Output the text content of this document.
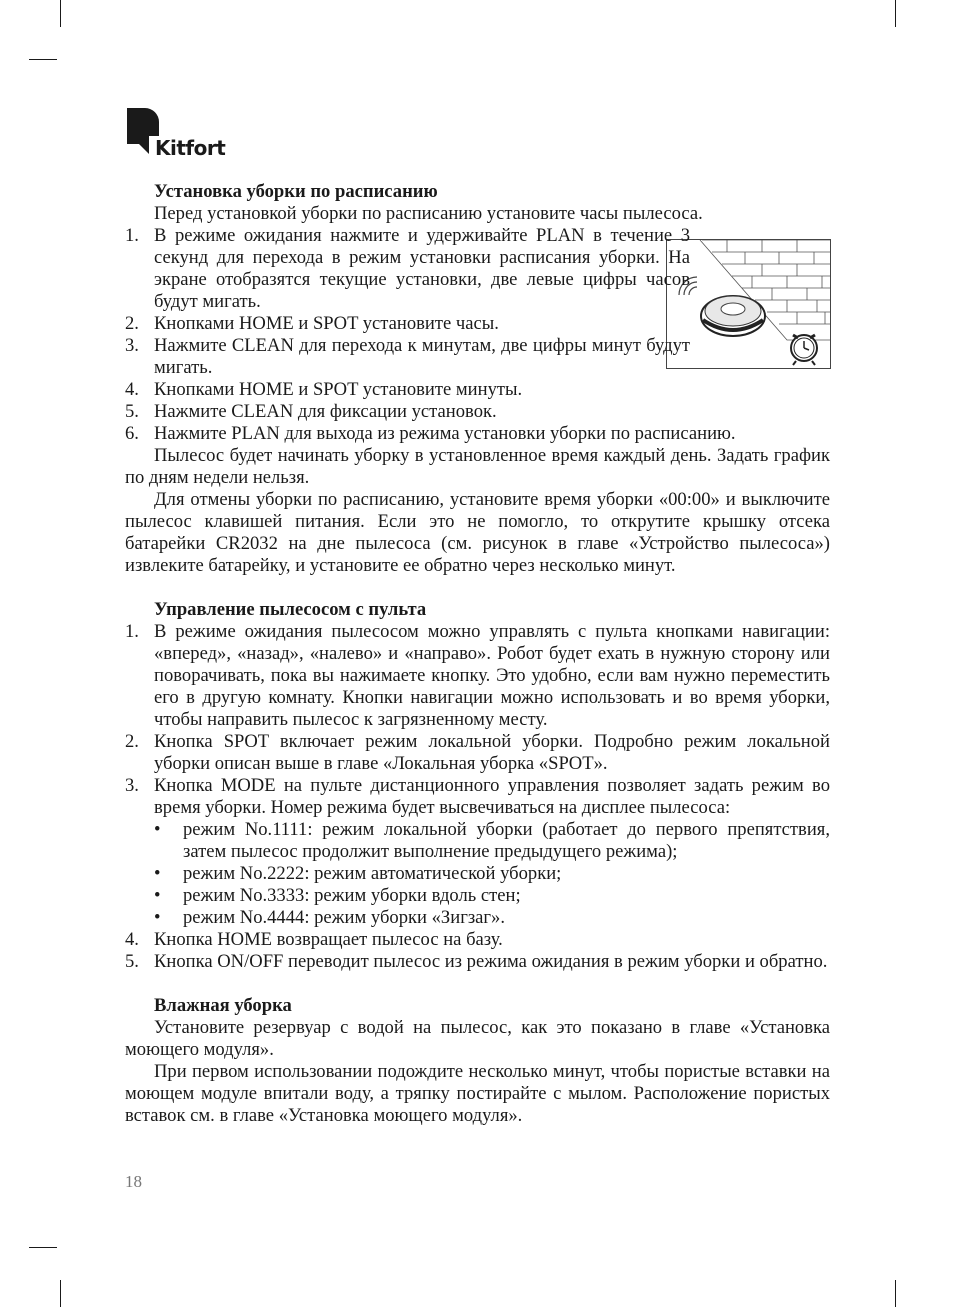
Kitfort
Установка уборки по расписанию
Перед установкой уборки по расписанию установите часы пылесоса.
1. В режиме ожидания нажмите и удерживайте PLAN в течение 3 секунд для перехода в режим установки расписания уборки. На экране отобразятся текущие установки, две левые цифры часов будут мигать.
2. Кнопками HOME и SPOT установите часы.
3. Нажмите CLEAN для перехода к минутам, две цифры минут будут мигать.
4. Кнопками HOME и SPOT установите минуты.
5. Нажмите CLEAN для фиксации установок.
6. Нажмите PLAN для выхода из режима установки уборки по расписанию.
Пылесос будет начинать уборку в установленное время каждый день. Задать график по дням недели нельзя.
Для отмены уборки по расписанию, установите время уборки «00:00» и выключите пылесос клавишей питания. Если это не помогло, то открутите крышку отсека батарейки CR2032 на дне пылесоса (см. рисунок в главе «Устройство пылесоса») извлеките батарейку, и установите ее обратно через несколько минут.
Управление пылесосом с пульта
1. В режиме ожидания пылесосом можно управлять с пульта кнопками навигации: «вперед», «назад», «налево» и «направо». Робот будет ехать в нужную сторону или поворачивать, пока вы нажимаете кнопку. Это удобно, если вам нужно переместить его в другую комнату. Кнопки навигации можно использовать и во время уборки, чтобы направить пылесос к загрязненному месту.
2. Кнопка SPOT включает режим локальной уборки. Подробно режим локальной уборки описан выше в главе «Локальная уборка «SPOT».
3. Кнопка MODE на пульте дистанционного управления позволяет задать режим во время уборки. Номер режима будет высвечиваться на дисплее пылесоса:
• режим No.1111: режим локальной уборки (работает до первого препятствия, затем пылесос продолжит выполнение предыдущего режима);
• режим No.2222: режим автоматической уборки;
• режим No.3333: режим уборки вдоль стен;
• режим No.4444: режим уборки «Зигзаг».
4. Кнопка HOME возвращает пылесос на базу.
5. Кнопка ON/OFF переводит пылесос из режима ожидания в режим уборки и обратно.
Влажная уборка
Установите резервуар с водой на пылесос, как это показано в главе «Установка моющего модуля».
При первом использовании подождите несколько минут, чтобы пористые вставки на моющем модуле впитали воду, а тряпку постирайте с мылом. Расположение пористых вставок см. в главе «Установка моющего модуля».
18
